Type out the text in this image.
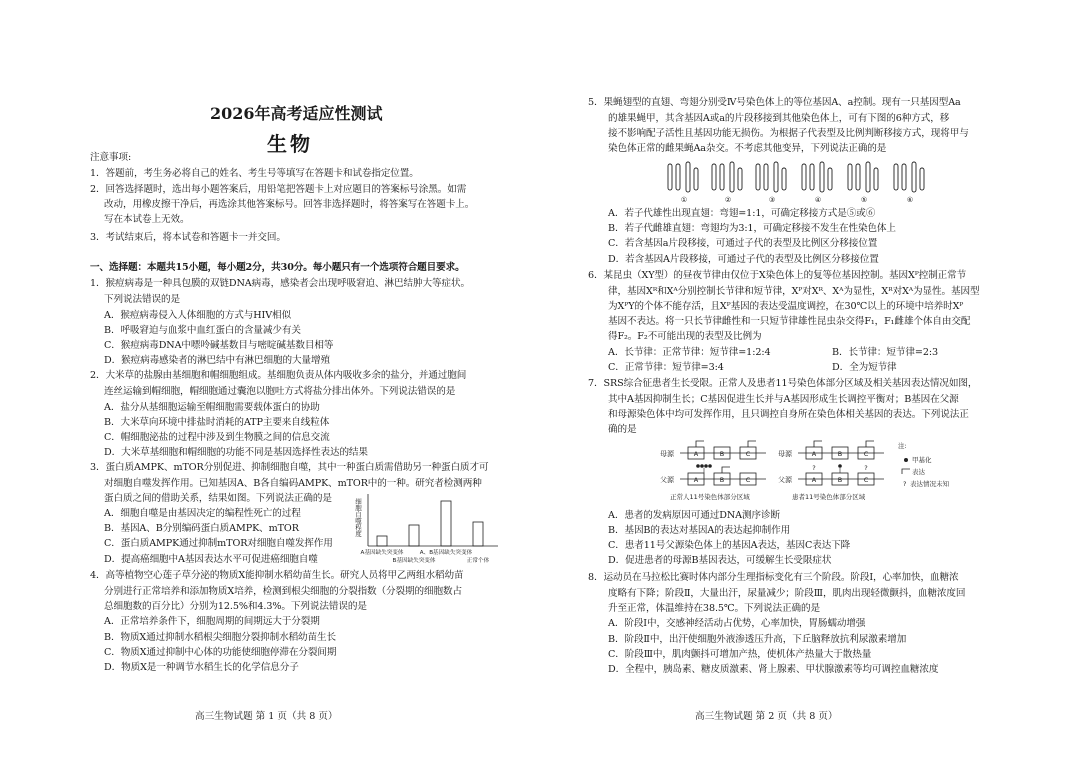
2026年高考适应性测试
生物
注意事项:
1．答题前，考生务必将自己的姓名、考生号等填写在答题卡和试卷指定位置。
2．回答选择题时，选出每小题答案后，用铅笔把答题卡上对应题目的答案标号涂黑。如需
改动，用橡皮擦干净后，再选涂其他答案标号。回答非选择题时，将答案写在答题卡上。
写在本试卷上无效。
3．考试结束后，将本试卷和答题卡一并交回。
一、选择题：本题共15小题，每小题2分，共30分。每小题只有一个选项符合题目要求。
1．猴痘病毒是一种具包膜的双链DNA病毒，感染者会出现呼吸窘迫、淋巴结肿大等症状。
下列说法错误的是
A．猴痘病毒侵入人体细胞的方式与HIV相似
B．呼吸窘迫与血浆中血红蛋白的含量减少有关
C．猴痘病毒DNA中嘌呤碱基数目与嘧啶碱基数目相等
D．猴痘病毒感染者的淋巴结中有淋巴细胞的大量增殖
2．大米草的盐腺由基细胞和帽细胞组成。基细胞负责从体内吸收多余的盐分，并通过胞间
连丝运输到帽细胞，帽细胞通过囊泡以胞吐方式将盐分排出体外。下列说法错误的是
A．盐分从基细胞运输至帽细胞需要载体蛋白的协助
B．大米草向环境中排盐时消耗的ATP主要来自线粒体
C．帽细胞泌盐的过程中涉及到生物膜之间的信息交流
D．大米草基细胞和帽细胞的功能不同是基因选择性表达的结果
3．蛋白质AMPK、mTOR分别促进、抑制细胞自噬，其中一种蛋白质需借助另一种蛋白质才可
对细胞自噬发挥作用。已知基因A、B各自编码AMPK、mTOR中的一种。研究者检测两种
蛋白质之间的借助关系，结果如图。下列说法正确的是
A．细胞自噬是由基因决定的编程性死亡的过程
B．基因A、B分别编码蛋白质AMPK、mTOR
C．蛋白质AMPK通过抑制mTOR对细胞自噬发挥作用
D．提高癌细胞中A基因表达水平可促进癌细胞自噬
细胞自噬程度
A基因缺失突变体
B基因缺失突变体
A、B基因缺失突变体
正常个体
4．高等植物空心莲子草分泌的物质X能抑制水稻幼苗生长。研究人员将甲乙两组水稻幼苗
分别进行正常培养和添加物质X培养，检测到根尖细胞的分裂指数（分裂期的细胞数占
总细胞数的百分比）分别为12.5%和4.3%。下列说法错误的是
A．正常培养条件下，细胞周期的间期远大于分裂期
B．物质X通过抑制水稻根尖细胞分裂抑制水稻幼苗生长
C．物质X通过抑制中心体的功能使细胞停滞在分裂间期
D．物质X是一种调节水稻生长的化学信息分子
高三生物试题 第 1 页（共 8 页）
5．果蝇翅型的直翅、弯翅分别受Ⅳ号染色体上的等位基因A、a控制。现有一只基因型Aa
的雄果蝇甲，其含基因A或a的片段移接到其他染色体上，可有下图的6种方式，移
接不影响配子活性且基因功能无损伤。为根据子代表型及比例判断移接方式，现将甲与
染色体正常的雌果蝇Aa杂交。不考虑其他变异，下列说法正确的是
①	②	③	④	⑤	⑥
A．若子代雄性出现直翅：弯翅=1:1，可确定移接方式是⑤或⑥
B．若子代雌雄直翅：弯翅均为3:1，可确定移接不发生在性染色体上
C．若含基因a片段移接，可通过子代的表型及比例区分移接位置
D．若含基因A片段移接，可通过子代的表型及比例区分移接位置
6．某昆虫（XY型）的昼夜节律由仅位于X染色体上的复等位基因控制。基因Xᴾ控制正常节
律，基因Xᴿ和Xᴬ分别控制长节律和短节律，Xᴾ对Xᴿ、Xᴬ为显性，Xᴿ对Xᴬ为显性。基因型
为XᴾY的个体不能存活，且Xᴾ基因的表达受温度调控，在30℃以上的环境中培养时Xᴾ
基因不表达。将一只长节律雌性和一只短节律雄性昆虫杂交得F₁，F₁雌雄个体自由交配
得F₂。F₂不可能出现的表型及比例为
A．长节律：正常节律：短节律=1:2:4	B．长节律：短节律=2:3
C．正常节律：短节律=3:4	D．全为短节律
7．SRS综合征患者生长受限。正常人及患者11号染色体部分区域及相关基因表达情况如图，
其中A基因抑制生长；C基因促进生长并与A基因形成生长调控平衡对；B基因在父源
和母源染色体中均可发挥作用，且只调控自身所在染色体相关基因的表达。下列说法正
确的是
母源
父源
母源
父源
A	B	C
A	B	C
A	B	C
A	B	C
?	?
正常人11号染色体部分区域	患者11号染色体部分区域
注:
甲基化
表达
? 表达情况未知
A．患者的发病原因可通过DNA测序诊断
B．基因B的表达对基因A的表达起抑制作用
C．患者11号父源染色体上的基因A表达，基因C表达下降
D．促进患者的母源B基因表达，可缓解生长受限症状
8．运动员在马拉松比赛时体内部分生理指标变化有三个阶段。阶段Ⅰ，心率加快，血糖浓
度略有下降；阶段Ⅱ，大量出汗，尿量减少；阶段Ⅲ，肌肉出现轻微颤抖，血糖浓度回
升至正常，体温维持在38.5℃。下列说法正确的是
A．阶段Ⅰ中，交感神经活动占优势，心率加快，胃肠蠕动增强
B．阶段Ⅱ中，出汗使细胞外液渗透压升高，下丘脑释放抗利尿激素增加
C．阶段Ⅲ中，肌肉颤抖可增加产热，使机体产热量大于散热量
D．全程中，胰岛素、糖皮质激素、肾上腺素、甲状腺激素等均可调控血糖浓度
高三生物试题 第 2 页（共 8 页）
